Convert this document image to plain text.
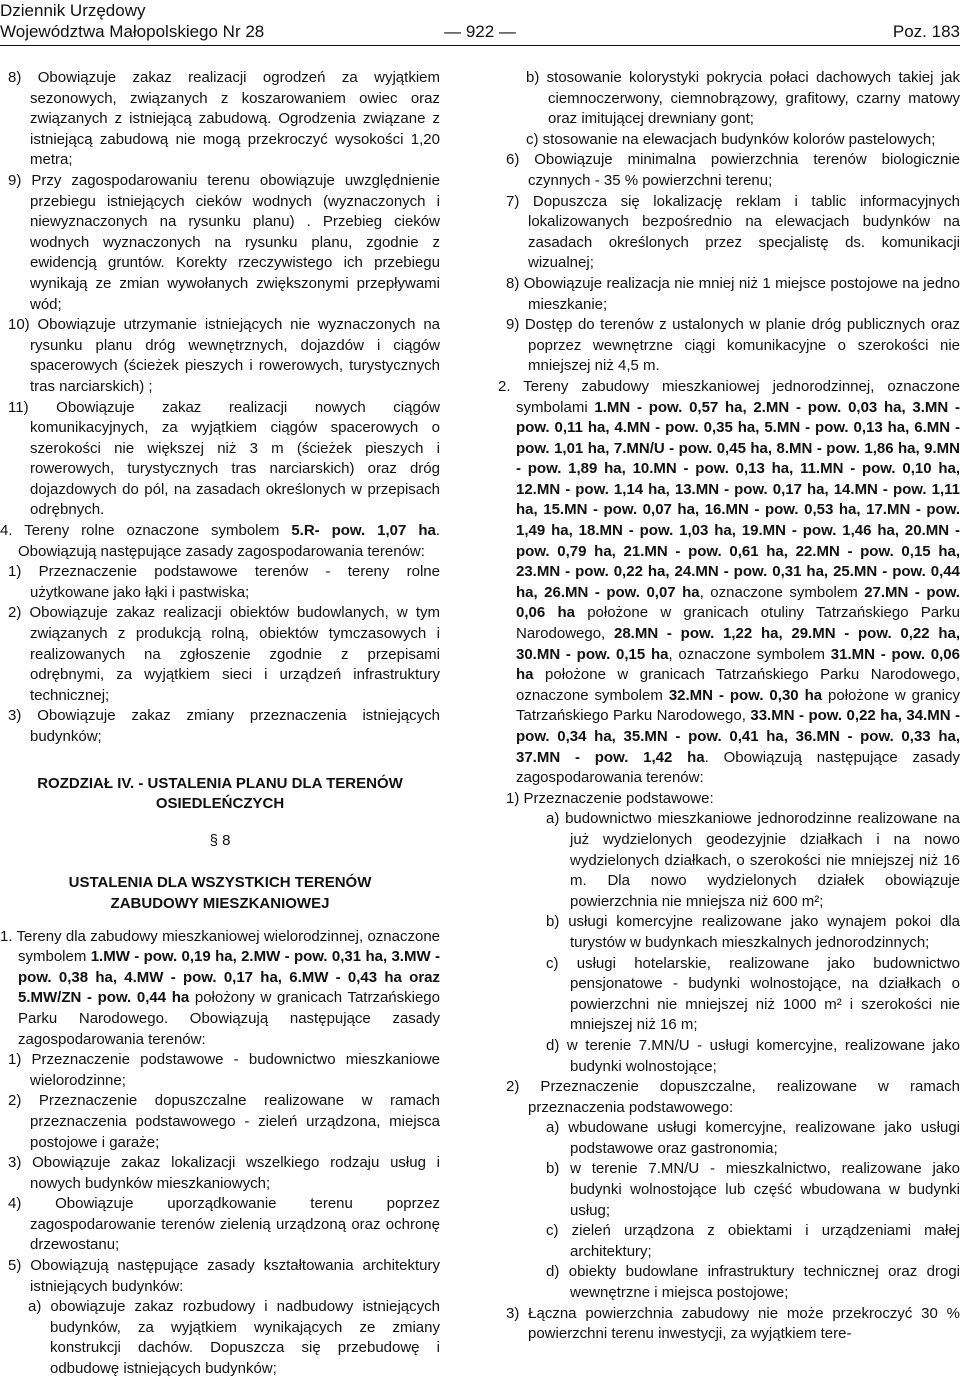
Dziennik Urzędowy
Województwa Małopolskiego Nr 28	— 922 —	Poz. 183

8) Obowiązuje zakaz realizacji ogrodzeń za wyjątkiem sezonowych, związanych z koszarowaniem owiec oraz związanych z istniejącą zabudową. Ogrodzenia związane z istniejącą zabudową nie mogą przekroczyć wysokości 1,20 metra;

9) Przy zagospodarowaniu terenu obowiązuje uwzględnienie przebiegu istniejących cieków wodnych (wyznaczonych i niewyznaczonych na rysunku planu) . Przebieg cieków wodnych wyznaczonych na rysunku planu, zgodnie z ewidencją gruntów. Korekty rzeczywistego ich przebiegu wynikają ze zmian wywołanych zwiększonymi przepływami wód;

10) Obowiązuje utrzymanie istniejących nie wyznaczonych na rysunku planu dróg wewnętrznych, dojazdów i ciągów spacerowych (ścieżek pieszych i rowerowych, turystycznych tras narciarskich) ;

11) Obowiązuje zakaz realizacji nowych ciągów komunikacyjnych, za wyjątkiem ciągów spacerowych o szerokości nie większej niż 3 m (ścieżek pieszych i rowerowych, turystycznych tras narciarskich) oraz dróg dojazdowych do pól, na zasadach określonych w przepisach odrębnych.

4. Tereny rolne oznaczone symbolem 5.R- pow. 1,07 ha. Obowiązują następujące zasady zagospodarowania terenów:

1) Przeznaczenie podstawowe terenów - tereny rolne użytkowane jako łąki i pastwiska;

2) Obowiązuje zakaz realizacji obiektów budowlanych, w tym związanych z produkcją rolną, obiektów tymczasowych i realizowanych na zgłoszenie zgodnie z przepisami odrębnymi, za wyjątkiem sieci i urządzeń infrastruktury technicznej;

3) Obowiązuje zakaz zmiany przeznaczenia istniejących budynków;

ROZDZIAŁ IV. - USTALENIA PLANU DLA TERENÓW

OSIEDLEŃCZYCH

§ 8

USTALENIA DLA WSZYSTKICH TERENÓW

ZABUDOWY MIESZKANIOWEJ

1. Tereny dla zabudowy mieszkaniowej wielorodzinnej, oznaczone symbolem 1.MW - pow. 0,19 ha, 2.MW - pow. 0,31 ha, 3.MW - pow. 0,38 ha, 4.MW - pow. 0,17 ha, 6.MW - 0,43 ha oraz 5.MW/ZN - pow. 0,44 ha położony w granicach Tatrzańskiego Parku Narodowego. Obowiązują następujące zasady zagospodarowania terenów:

1) Przeznaczenie podstawowe - budownictwo mieszkaniowe wielorodzinne;

2) Przeznaczenie dopuszczalne realizowane w ramach przeznaczenia podstawowego - zieleń urządzona, miejsca postojowe i garaże;

3) Obowiązuje zakaz lokalizacji wszelkiego rodzaju usług i nowych budynków mieszkaniowych;

4) Obowiązuje uporządkowanie terenu poprzez zagospodarowanie terenów zielenią urządzoną oraz ochronę drzewostanu;

5) Obowiązują następujące zasady kształtowania architektury istniejących budynków:

a) obowiązuje zakaz rozbudowy i nadbudowy istniejących budynków, za wyjątkiem wynikających ze zmiany konstrukcji dachów. Dopuszcza się przebudowę i odbudowę istniejących budynków;

b) stosowanie kolorystyki pokrycia połaci dachowych takiej jak ciemnoczerwony, ciemnobrązowy, grafitowy, czarny matowy oraz imitującej drewniany gont;

c) stosowanie na elewacjach budynków kolorów pastelowych;

6) Obowiązuje minimalna powierzchnia terenów biologicznie czynnych - 35 % powierzchni terenu;

7) Dopuszcza się lokalizację reklam i tablic informacyjnych lokalizowanych bezpośrednio na elewacjach budynków na zasadach określonych przez specjalistę ds. komunikacji wizualnej;

8) Obowiązuje realizacja nie mniej niż 1 miejsce postojowe na jedno mieszkanie;

9) Dostęp do terenów z ustalonych w planie dróg publicznych oraz poprzez wewnętrzne ciągi komunikacyjne o szerokości nie mniejszej niż 4,5 m.

2. Tereny zabudowy mieszkaniowej jednorodzinnej, oznaczone symbolami 1.MN - pow. 0,57 ha, 2.MN - pow. 0,03 ha, 3.MN - pow. 0,11 ha, 4.MN - pow. 0,35 ha, 5.MN - pow. 0,13 ha, 6.MN - pow. 1,01 ha, 7.MN/U - pow. 0,45 ha, 8.MN - pow. 1,86 ha, 9.MN - pow. 1,89 ha, 10.MN - pow. 0,13 ha, 11.MN - pow. 0,10 ha, 12.MN - pow. 1,14 ha, 13.MN - pow. 0,17 ha, 14.MN - pow. 1,11 ha, 15.MN - pow. 0,07 ha, 16.MN - pow. 0,53 ha, 17.MN - pow. 1,49 ha, 18.MN - pow. 1,03 ha, 19.MN - pow. 1,46 ha, 20.MN - pow. 0,79 ha, 21.MN - pow. 0,61 ha, 22.MN - pow. 0,15 ha, 23.MN - pow. 0,22 ha, 24.MN - pow. 0,31 ha, 25.MN - pow. 0,44 ha, 26.MN - pow. 0,07 ha, oznaczone symbolem 27.MN - pow. 0,06 ha położone w granicach otuliny Tatrzańskiego Parku Narodowego, 28.MN - pow. 1,22 ha, 29.MN - pow. 0,22 ha, 30.MN - pow. 0,15 ha, oznaczone symbolem 31.MN - pow. 0,06 ha położone w granicach Tatrzańskiego Parku Narodowego, oznaczone symbolem 32.MN - pow. 0,30 ha położone w granicy Tatrzańskiego Parku Narodowego, 33.MN - pow. 0,22 ha, 34.MN - pow. 0,34 ha, 35.MN - pow. 0,41 ha, 36.MN - pow. 0,33 ha, 37.MN - pow. 1,42 ha. Obowiązują następujące zasady zagospodarowania terenów:

1) Przeznaczenie podstawowe:

a) budownictwo mieszkaniowe jednorodzinne realizowane na już wydzielonych geodezyjnie działkach i na nowo wydzielonych działkach, o szerokości nie mniejszej niż 16 m. Dla nowo wydzielonych działek obowiązuje powierzchnia nie mniejsza niż 600 m²;

b) usługi komercyjne realizowane jako wynajem pokoi dla turystów w budynkach mieszkalnych jednorodzinnych;

c) usługi hotelarskie, realizowane jako budownictwo pensjonatowe - budynki wolnostojące, na działkach o powierzchni nie mniejszej niż 1000 m² i szerokości nie mniejszej niż 16 m;

d) w terenie 7.MN/U - usługi komercyjne, realizowane jako budynki wolnostojące;

2) Przeznaczenie dopuszczalne, realizowane w ramach przeznaczenia podstawowego:

a) wbudowane usługi komercyjne, realizowane jako usługi podstawowe oraz gastronomia;

b) w terenie 7.MN/U - mieszkalnictwo, realizowane jako budynki wolnostojące lub część wbudowana w budynki usług;

c) zieleń urządzona z obiektami i urządzeniami małej architektury;

d) obiekty budowlane infrastruktury technicznej oraz drogi wewnętrzne i miejsca postojowe;

3) Łączna powierzchnia zabudowy nie może przekroczyć 30 % powierzchni terenu inwestycji, za wyjątkiem tere-
